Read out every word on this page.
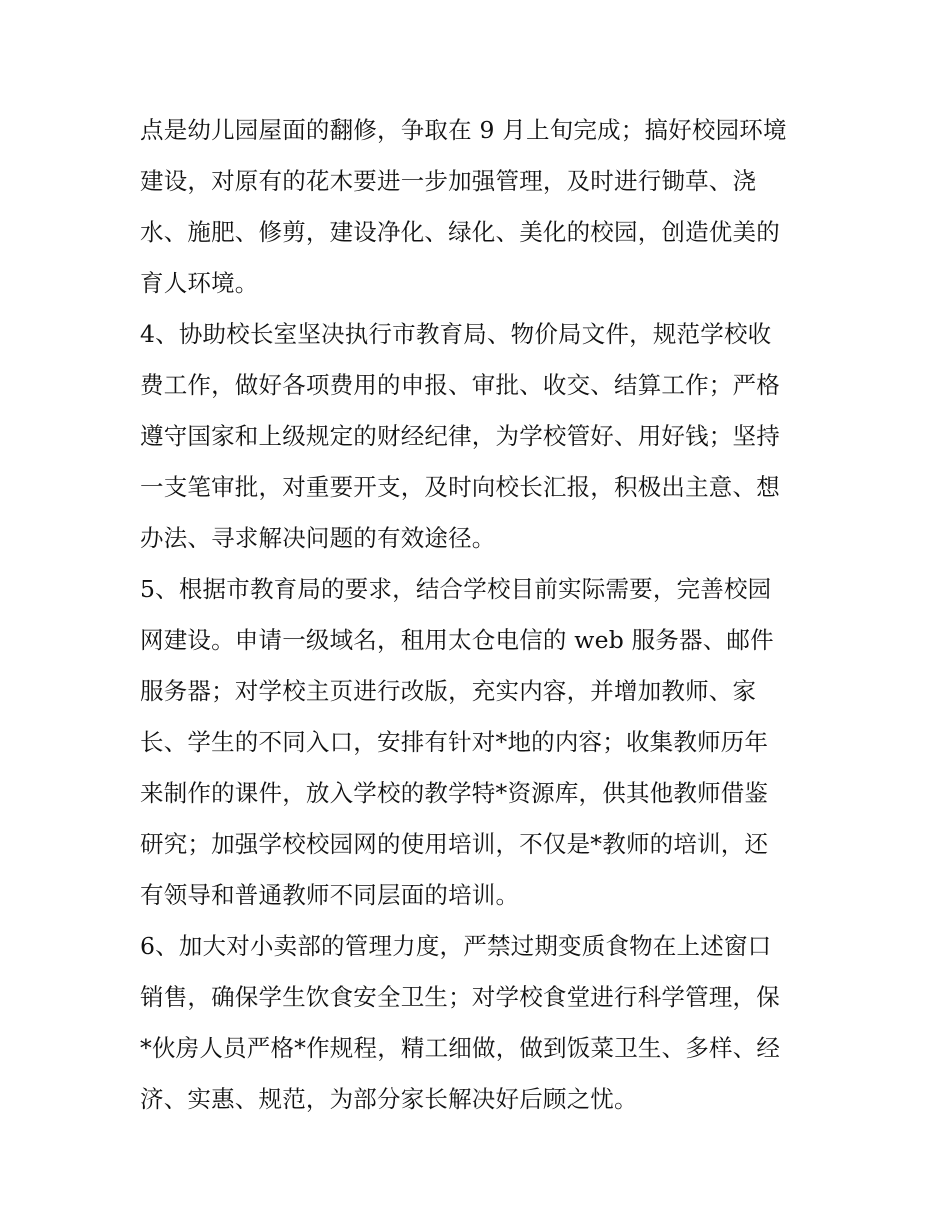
点是幼儿园屋面的翻修，争取在 9 月上旬完成；搞好校园环境
建设，对原有的花木要进一步加强管理，及时进行锄草、浇
水、施肥、修剪，建设净化、绿化、美化的校园，创造优美的
育人环境。
4、协助校长室坚决执行市教育局、物价局文件，规范学校收
费工作，做好各项费用的申报、审批、收交、结算工作；严格
遵守国家和上级规定的财经纪律，为学校管好、用好钱；坚持
一支笔审批，对重要开支，及时向校长汇报，积极出主意、想
办法、寻求解决问题的有效途径。
5、根据市教育局的要求，结合学校目前实际需要，完善校园
网建设。申请一级域名，租用太仓电信的 web 服务器、邮件
服务器；对学校主页进行改版，充实内容，并增加教师、家
长、学生的不同入口，安排有针对*地的内容；收集教师历年
来制作的课件，放入学校的教学特*资源库，供其他教师借鉴
研究；加强学校校园网的使用培训，不仅是*教师的培训，还
有领导和普通教师不同层面的培训。
6、加大对小卖部的管理力度，严禁过期变质食物在上述窗口
销售，确保学生饮食安全卫生；对学校食堂进行科学管理，保
*伙房人员严格*作规程，精工细做，做到饭菜卫生、多样、经
济、实惠、规范，为部分家长解决好后顾之忧。
